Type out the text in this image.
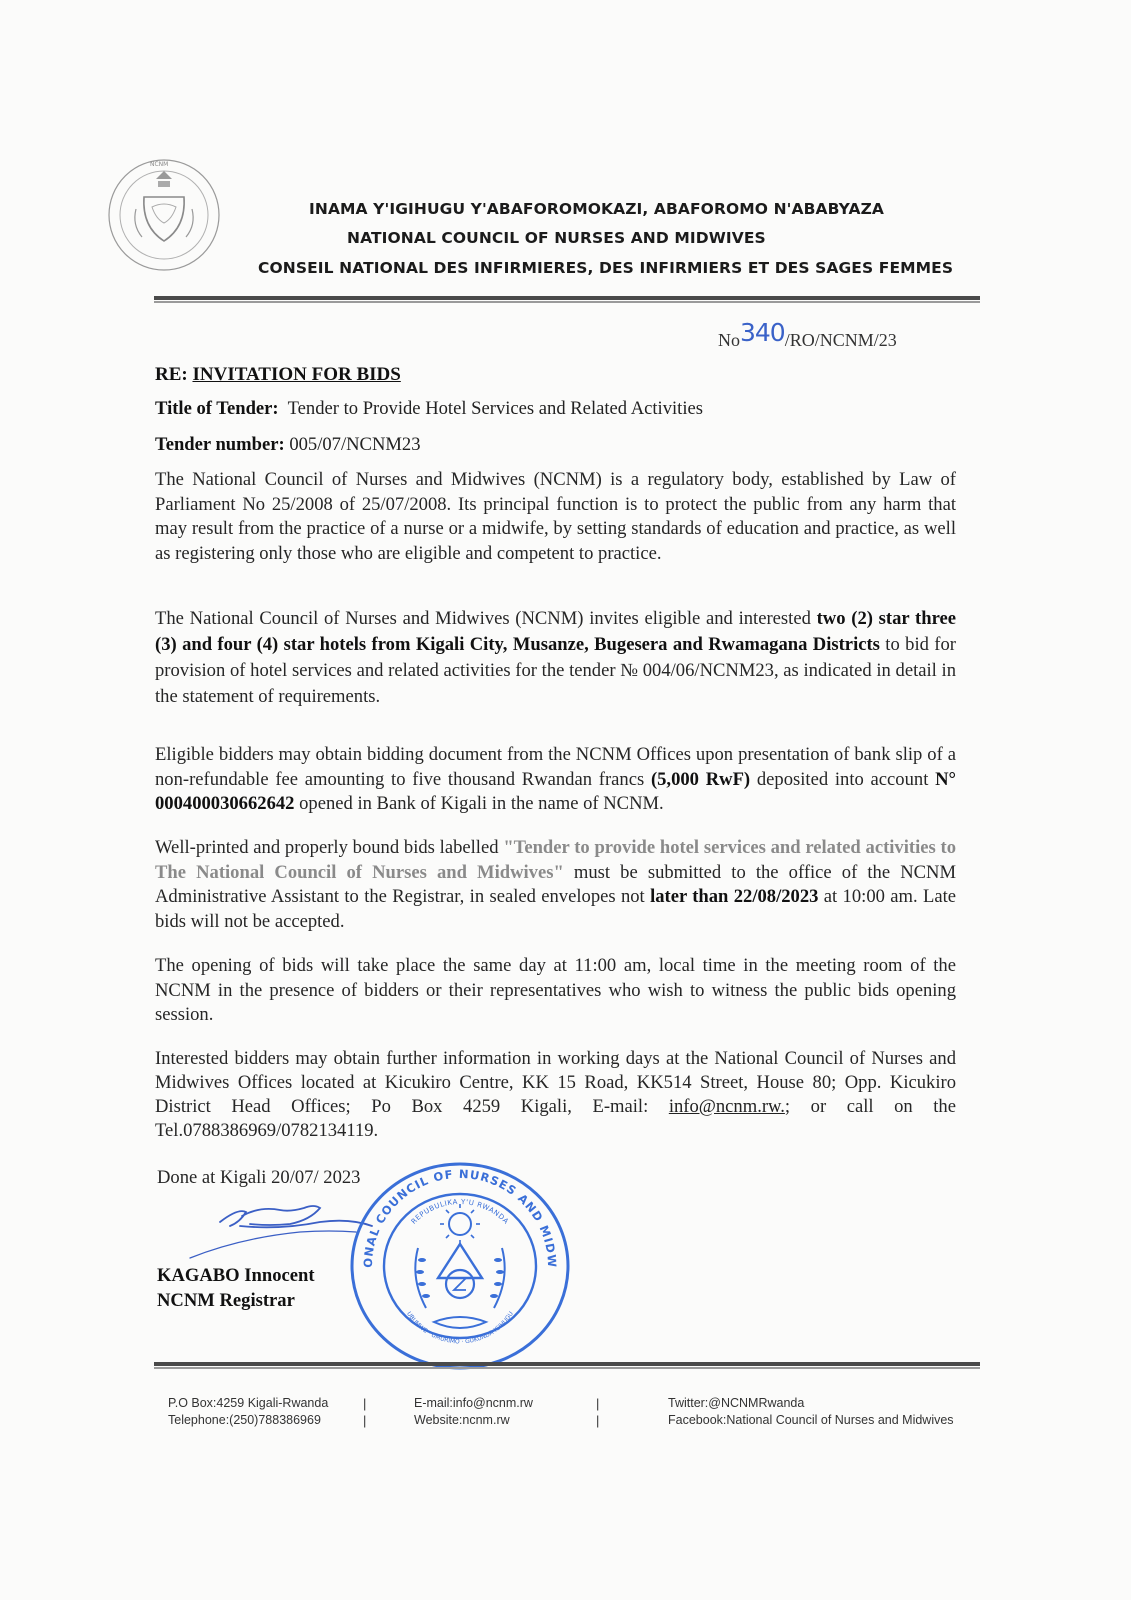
NCNM
INAMA Y'IGIHUGU Y'ABAFOROMOKAZI, ABAFOROMO N'ABABYAZA
NATIONAL COUNCIL OF NURSES AND MIDWIVES
CONSEIL NATIONAL DES INFIRMIERES, DES INFIRMIERS ET DES SAGES FEMMES
No340/RO/NCNM/23
RE: INVITATION FOR BIDS
Title of Tender: Tender to Provide Hotel Services and Related Activities
Tender number: 005/07/NCNM23
The National Council of Nurses and Midwives (NCNM) is a regulatory body, established by Law of Parliament No 25/2008 of 25/07/2008. Its principal function is to protect the public from any harm that may result from the practice of a nurse or a midwife, by setting standards of education and practice, as well as registering only those who are eligible and competent to practice.
The National Council of Nurses and Midwives (NCNM) invites eligible and interested two (2) star three (3) and four (4) star hotels from Kigali City, Musanze, Bugesera and Rwamagana Districts to bid for provision of hotel services and related activities for the tender № 004/06/NCNM23, as indicated in detail in the statement of requirements.
Eligible bidders may obtain bidding document from the NCNM Offices upon presentation of bank slip of a non-refundable fee amounting to five thousand Rwandan francs (5,000 RwF) deposited into account N° 000400030662642 opened in Bank of Kigali in the name of NCNM.
Well-printed and properly bound bids labelled "Tender to provide hotel services and related activities to The National Council of Nurses and Midwives" must be submitted to the office of the NCNM Administrative Assistant to the Registrar, in sealed envelopes not later than 22/08/2023 at 10:00 am. Late bids will not be accepted.
The opening of bids will take place the same day at 11:00 am, local time in the meeting room of the NCNM in the presence of bidders or their representatives who wish to witness the public bids opening session.
Interested bidders may obtain further information in working days at the National Council of Nurses and Midwives Offices located at Kicukiro Centre, KK 15 Road, KK514 Street, House 80; Opp. Kicukiro District Head Offices; Po Box 4259 Kigali, E-mail: info@ncnm.rw.; or call on the Tel.0788386969/0782134119.
Done at Kigali 20/07/ 2023
KAGABO Innocent
NCNM Registrar
ONAL COUNCIL OF NURSES AND MIDW
REPUBULIKA Y'U RWANDA
UBUMWE · UMURIMO · GUKUNDA IGIHUGU
P.O Box:4259 Kigali-Rwanda
Telephone:(250)788386969
|
|
E-mail:info@ncnm.rw
Website:ncnm.rw
|
|
Twitter:@NCNMRwanda
Facebook:National Council of Nurses and Midwives
